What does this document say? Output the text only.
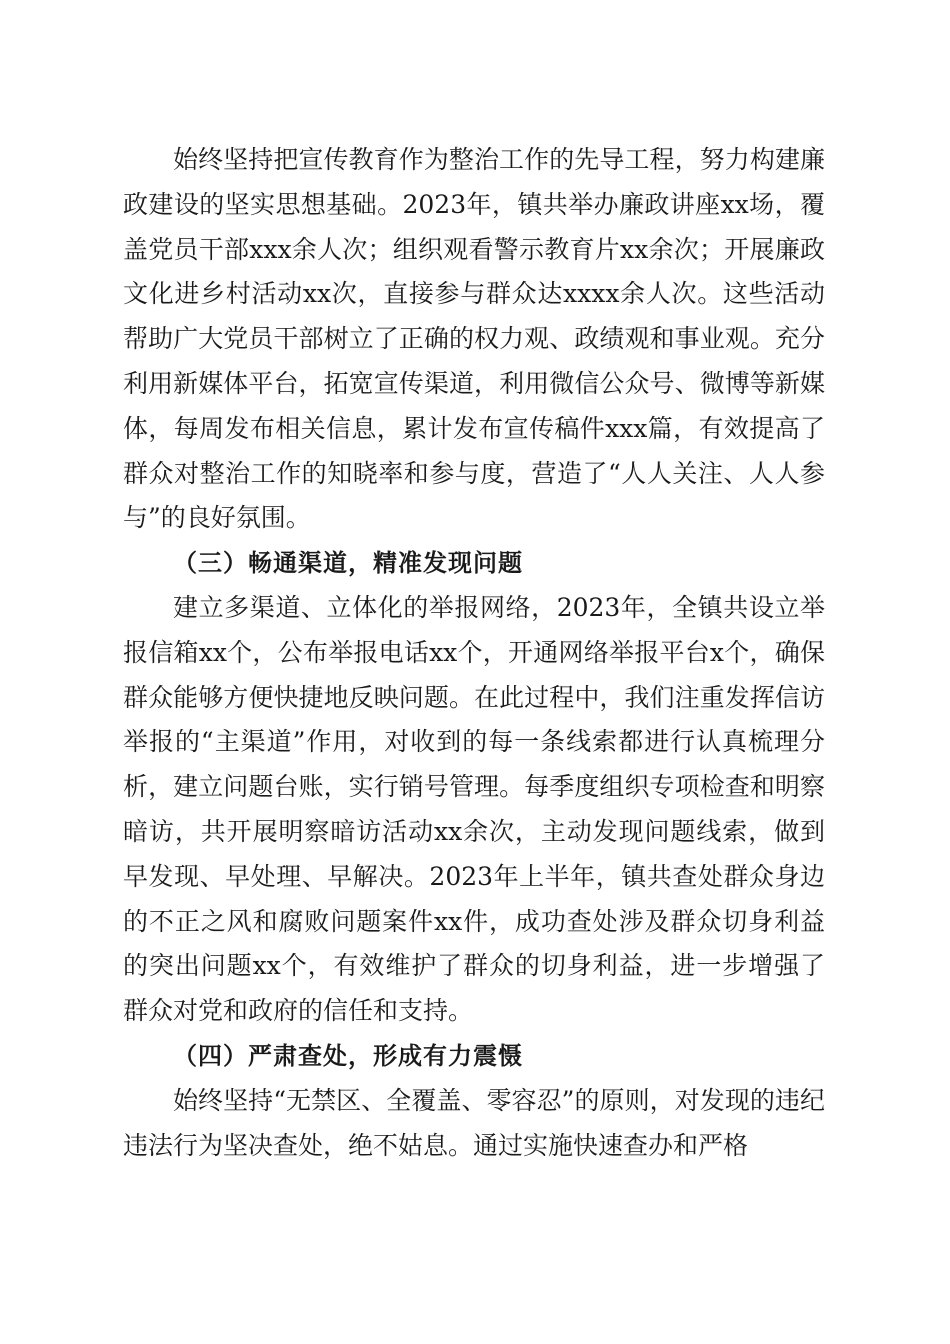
始终坚持把宣传教育作为整治工作的先导工程，努力构建廉政建设的坚实思想基础。2023年，镇共举办廉政讲座xx场，覆盖党员干部xxx余人次；组织观看警示教育片xx余次；开展廉政文化进乡村活动xx次，直接参与群众达xxxx余人次。这些活动帮助广大党员干部树立了正确的权力观、政绩观和事业观。充分利用新媒体平台，拓宽宣传渠道，利用微信公众号、微博等新媒体，每周发布相关信息，累计发布宣传稿件xxx篇，有效提高了群众对整治工作的知晓率和参与度，营造了“人人关注、人人参与”的良好氛围。

（三）畅通渠道，精准发现问题

建立多渠道、立体化的举报网络，2023年，全镇共设立举报信箱xx个，公布举报电话xx个，开通网络举报平台x个，确保群众能够方便快捷地反映问题。在此过程中，我们注重发挥信访举报的“主渠道”作用，对收到的每一条线索都进行认真梳理分析，建立问题台账，实行销号管理。每季度组织专项检查和明察暗访，共开展明察暗访活动xx余次，主动发现问题线索，做到早发现、早处理、早解决。2023年上半年，镇共查处群众身边的不正之风和腐败问题案件xx件，成功查处涉及群众切身利益的突出问题xx个，有效维护了群众的切身利益，进一步增强了群众对党和政府的信任和支持。

（四）严肃查处，形成有力震慑

始终坚持“无禁区、全覆盖、零容忍”的原则，对发现的违纪违法行为坚决查处，绝不姑息。通过实施快速查办和严格
